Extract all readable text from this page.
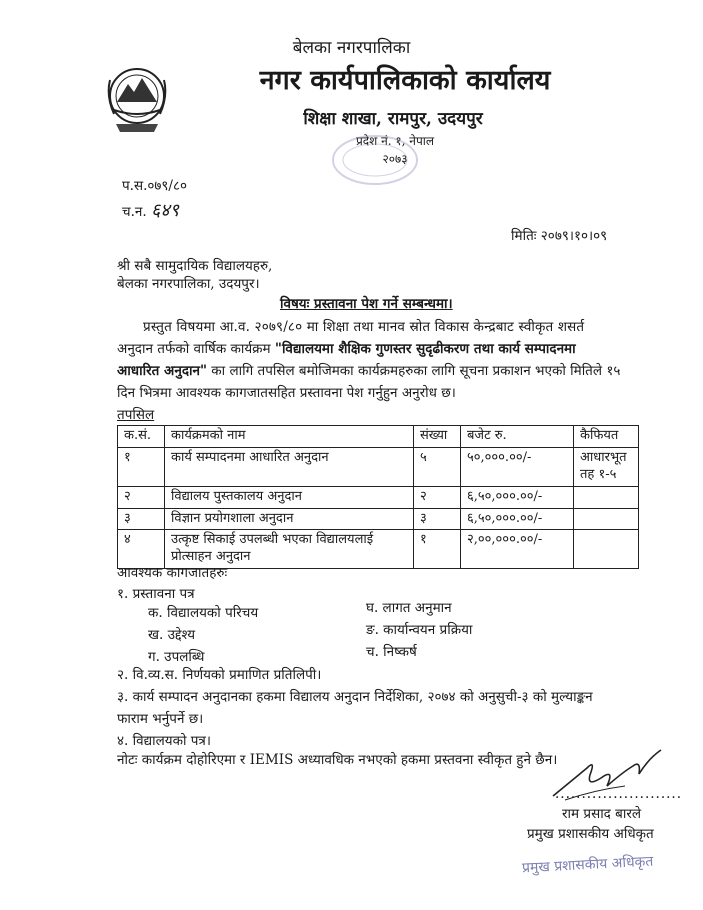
बेलका नगरपालिका
नगर कार्यपालिकाको कार्यालय
शिक्षा शाखा, रामपुर, उदयपुर
प्रदेश नं. १, नेपाल
२०७३
प.स.०७९/८०
च.न. ६४९
मितिः २०७९।१०।०९
श्री सबै सामुदायिक विद्यालयहरु,
बेलका नगरपालिका, उदयपुर।
विषयः प्रस्तावना पेश गर्ने सम्बन्धमा।
प्रस्तुत विषयमा आ.व. २०७९/८० मा शिक्षा तथा मानव स्रोत विकास केन्द्रबाट स्वीकृत शसर्त
अनुदान तर्फको वार्षिक कार्यक्रम "विद्यालयमा शैक्षिक गुणस्तर सुदृढीकरण तथा कार्य सम्पादनमा
आधारित अनुदान" का लागि तपसिल बमोजिमका कार्यक्रमहरुका लागि सूचना प्रकाशन भएको मितिले १५
दिन भित्रमा आवश्यक कागजातसहित प्रस्तावना पेश गर्नुहुन अनुरोध छ।
तपसिल
क.सं.	कार्यक्रमको नाम	संख्या	बजेट रु.	कैफियत
१	कार्य सम्पादनमा आधारित अनुदान	५	५०,०००.००/-	आधारभूत तह १-५
२	विद्यालय पुस्तकालय अनुदान	२	६,५०,०००.००/-	
३	विज्ञान प्रयोगशाला अनुदान	३	६,५०,०००.००/-	
४	उत्कृष्ट सिकाई उपलब्धी भएका विद्यालयलाई
प्रोत्साहन अनुदान	१	२,००,०००.००/-	
आवश्यक कागजातहरुः
१. प्रस्तावना पत्र
क. विद्यालयको परिचय
ख. उद्देश्य
ग. उपलब्धि
घ. लागत अनुमान
ङ. कार्यान्वयन प्रक्रिया
च. निष्कर्ष
२. वि.व्य.स. निर्णयको प्रमाणित प्रतिलिपी।
३. कार्य सम्पादन अनुदानका हकमा विद्यालय अनुदान निर्देशिका, २०७४ को अनुसुची-३ को मुल्याङ्कन
फाराम भर्नुपर्ने छ।
४. विद्यालयको पत्र।
नोटः कार्यक्रम दोहोरिएमा र IEMIS अध्यावधिक नभएको हकमा प्रस्तवना स्वीकृत हुने छैन।
........................
राम प्रसाद बारले
प्रमुख प्रशासकीय अधिकृत
प्रमुख प्रशासकीय अधिकृत
